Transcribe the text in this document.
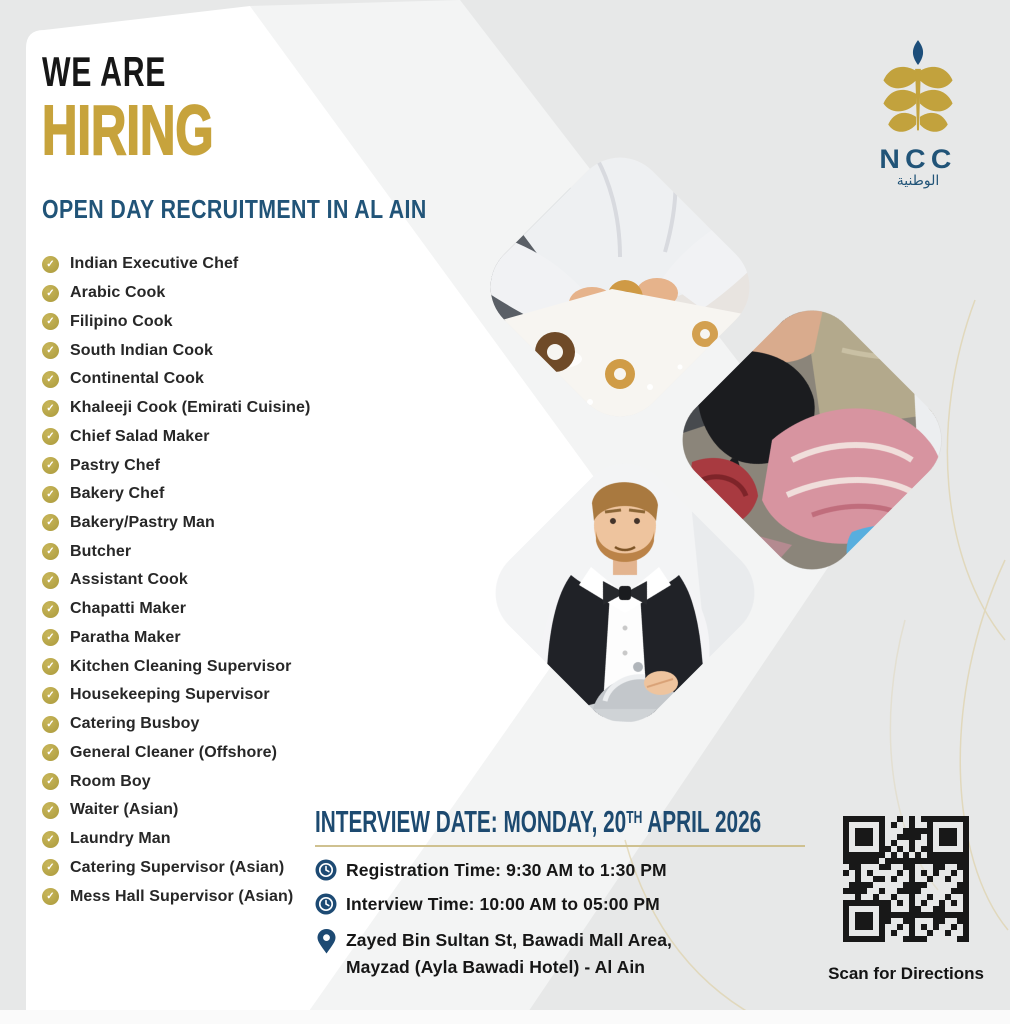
WE ARE
HIRING
OPEN DAY RECRUITMENT IN AL AIN
NCC
الوطنية
✓ Indian Executive Chef
✓ Arabic Cook
✓ Filipino Cook
✓ South Indian Cook
✓ Continental Cook
✓ Khaleeji Cook (Emirati Cuisine)
✓ Chief Salad Maker
✓ Pastry Chef
✓ Bakery Chef
✓ Bakery/Pastry Man
✓ Butcher
✓ Assistant Cook
✓ Chapatti Maker
✓ Paratha Maker
✓ Kitchen Cleaning Supervisor
✓ Housekeeping Supervisor
✓ Catering Busboy
✓ General Cleaner (Offshore)
✓ Room Boy
✓ Waiter (Asian)
✓ Laundry Man
✓ Catering Supervisor (Asian)
✓ Mess Hall Supervisor (Asian)
INTERVIEW DATE: MONDAY, 20TH APRIL 2026
Registration Time: 9:30 AM to 1:30 PM
Interview Time: 10:00 AM to 05:00 PM
Zayed Bin Sultan St, Bawadi Mall Area,
Mayzad (Ayla Bawadi Hotel) - Al Ain	Scan for Directions
